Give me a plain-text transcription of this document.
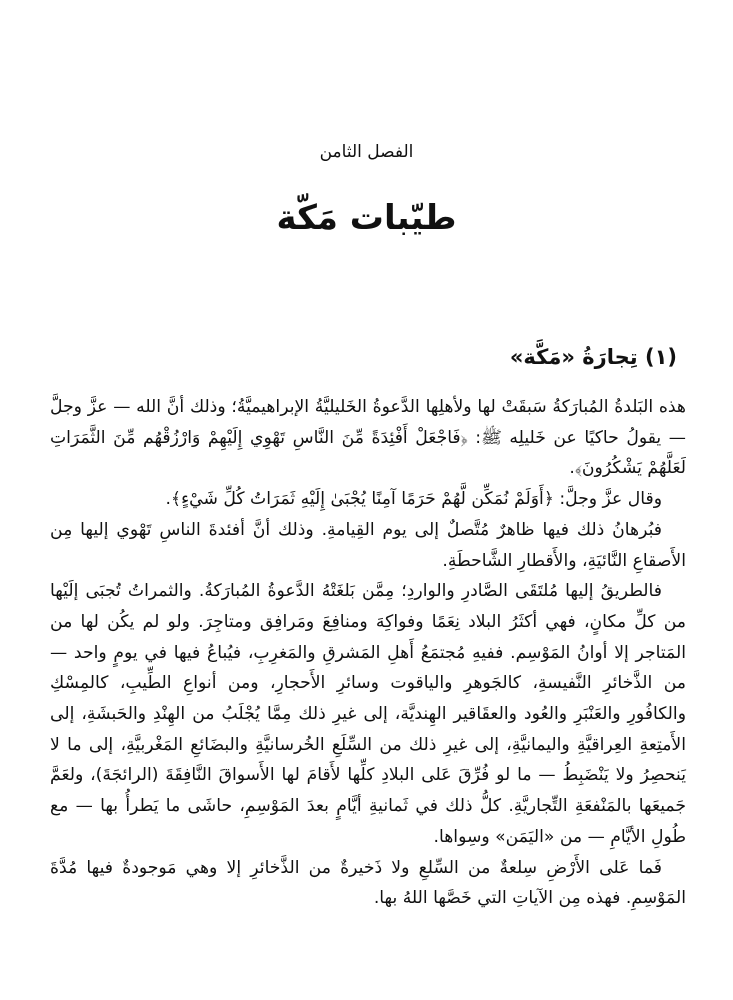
الفصل الثامن
طيّبات مَكّة
(١) تِجارَةُ «مَكَّة»

هذه البَلدةُ المُبارَكةُ سَبقَتْ لها ولأهلِها الدَّعوةُ الخَليليَّةُ الإبراهيميَّةُ؛ وذلك أنَّ الله — عزَّ وجلَّ — يقولُ حاكيًا عن خَليلِه ﷺ: ﴿فَاجْعَلْ أَفْئِدَةً مِّنَ النَّاسِ تَهْوِي إِلَيْهِمْ وَارْزُقْهُم مِّنَ الثَّمَرَاتِ لَعَلَّهُمْ يَشْكُرُونَ﴾.

وقال عزَّ وجلَّ: ﴿أَوَلَمْ نُمَكِّن لَّهُمْ حَرَمًا آمِنًا يُجْبَىٰ إِلَيْهِ ثَمَرَاتُ كُلِّ شَيْءٍ﴾.

فبُرهانُ ذلك فيها ظاهرٌ مُتَّصلٌ إلى يوم القِيامةِ. وذلك أنَّ أفئدةَ الناسِ تَهْوي إليها مِن الأَصقاعِ النَّائيَةِ، والأَقطارِ الشَّاحطَةِ.

فالطريقُ إليها مُلتَقَى الصَّادرِ والواردِ؛ مِمَّن بَلغَتْهُ الدَّعوةُ المُبارَكةُ. والثمراتُ تُجبَى إلَيْها من كلِّ مكانٍ، فهي أكثَرُ البلاد نِعَمًا وفواكِهَ ومنافِعَ ومَرافِق ومتاجِرَ. ولو لم يكُن لها من المَتاجر إلا أوانُ المَوْسِم. ففيهِ مُجتمَعُ أَهلِ المَشرقِ والمَغرِبِ، فيُباعُ فيها في يومٍ واحد — من الذَّخائرِ النَّفيسةِ، كالجَوهرِ والياقوت وسائرِ الأَحجارِ، ومن أنواعِ الطِّيبِ، كالمِسْكِ والكافُورِ والعَنْبَرِ والعُود والعقَاقير الهِنديَّة، إلى غيرِ ذلك مِمَّا يُجْلَبُ من الهِنْدِ والحَبشَةِ، إلى الأَمتِعةِ العِراقيَّةِ واليمانيَّةِ، إلى غيرِ ذلك من السِّلَعِ الخُرسانيَّةِ والبضَائعِ المَغْربيَّةِ، إلى ما لا يَنحصِرُ ولا يَنْضَبِطُ — ما لو فُرِّقَ عَلى البلادِ كلِّها لأَقامَ لها الأَسواقَ النَّافِقَةَ (الرائجَةَ)، ولعَمَّ جَميعَها بالمَنْفعَةِ التِّجاريَّةِ. كلُّ ذلك في ثَمانيةِ أيَّامٍ بعدَ المَوْسِمِ، حاشَى ما يَطرأُ بها — مع طُولِ الأيَّامِ — من «اليَمَن» وسِواها.

فَما عَلى الأَرْضِ سِلعةٌ من السِّلعِ ولا ذَخيرةٌ من الذَّخائرِ إلا وهي مَوجودةٌ فيها مُدَّةَ المَوْسِمِ. فهذه مِن الآياتِ التي خَصَّها اللهُ بها.
